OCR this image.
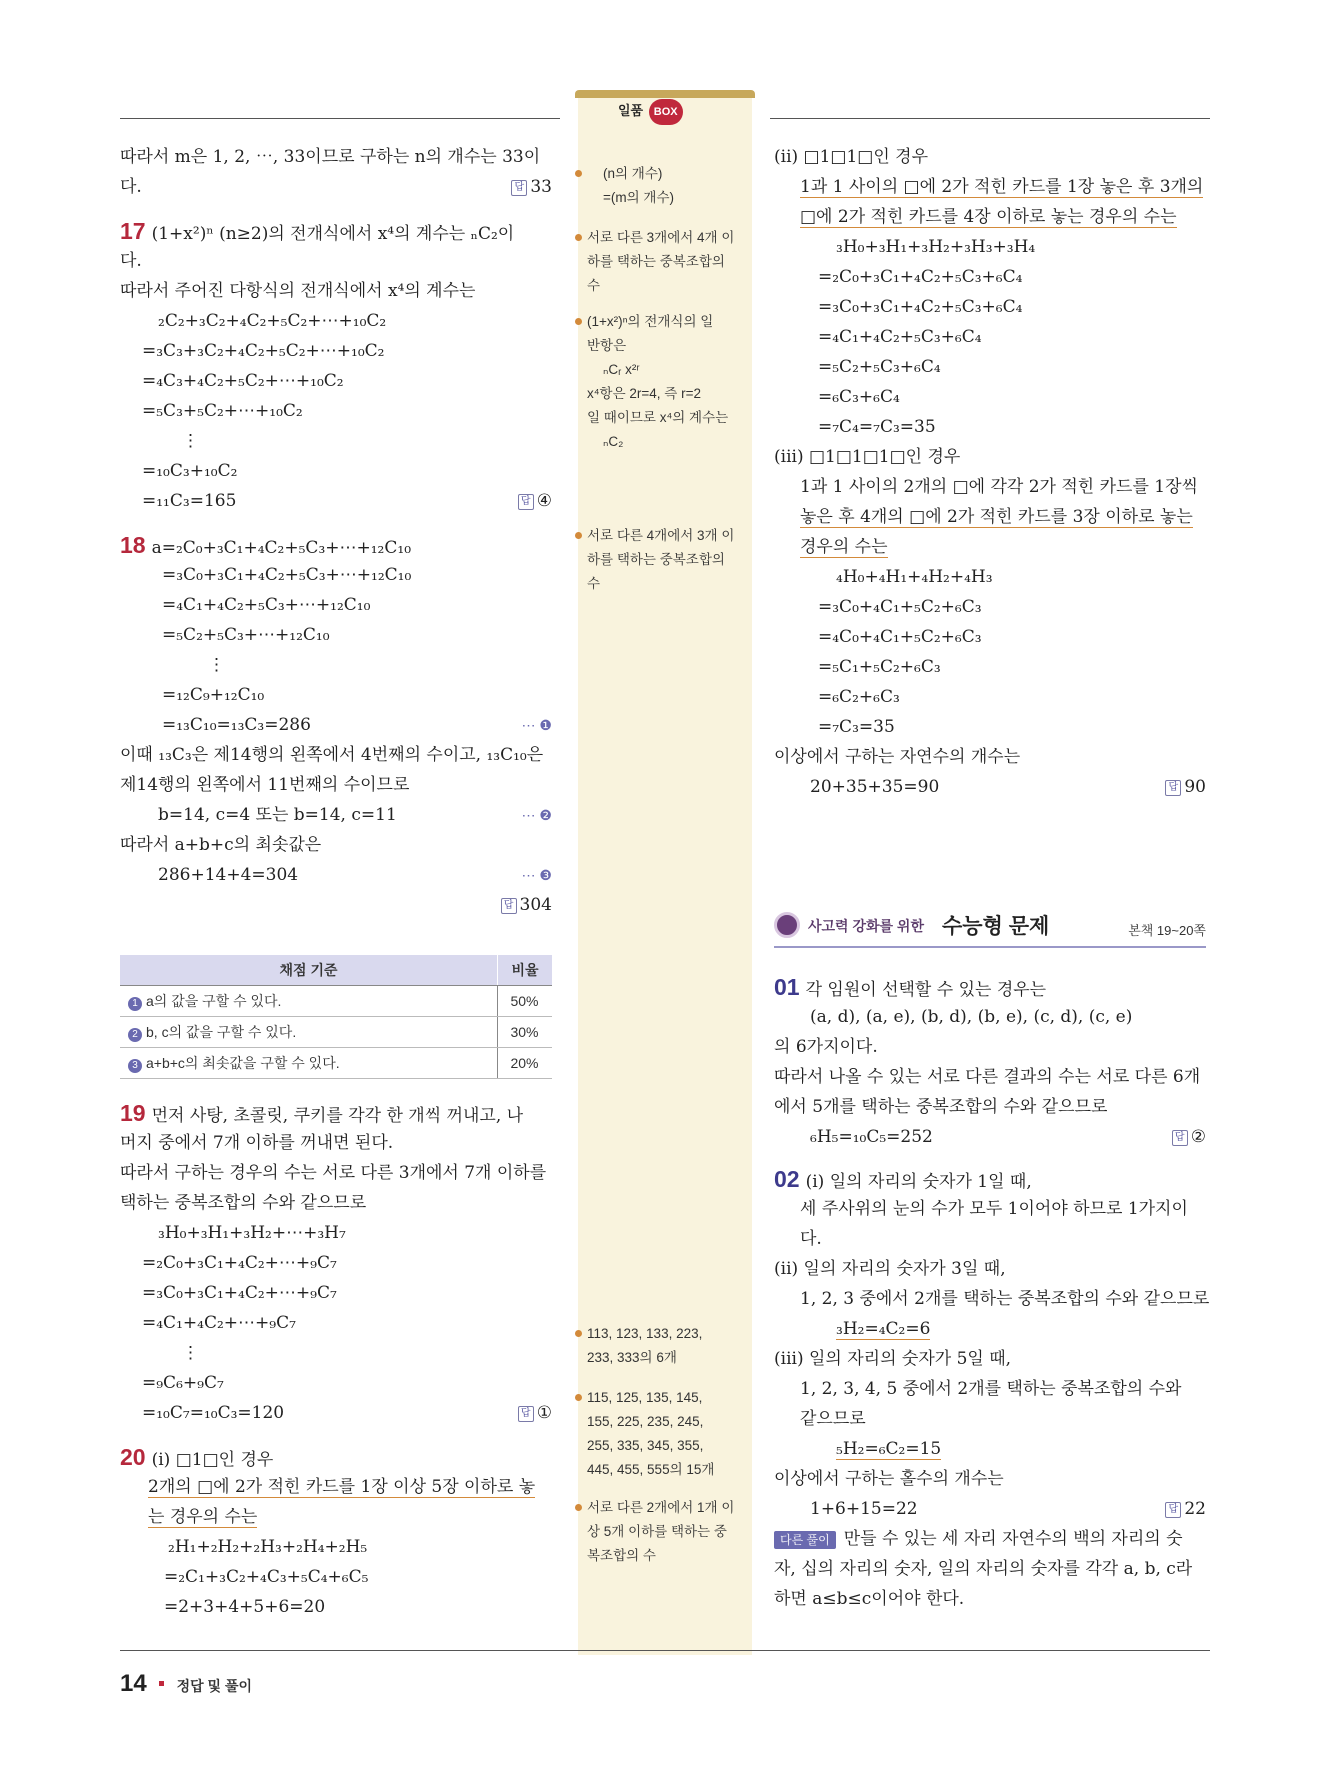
일품 BOX
따라서 m은 1, 2, ⋯, 33이므로 구하는 n의 개수는 33이
다.	답 33
17 (1+x²)ⁿ (n≥2)의 전개식에서 x⁴의 계수는 ₙC₂이
다.
따라서 주어진 다항식의 전개식에서 x⁴의 계수는
₂C₂+₃C₂+₄C₂+₅C₂+⋯+₁₀C₂
=₃C₃+₃C₂+₄C₂+₅C₂+⋯+₁₀C₂
=₄C₃+₄C₂+₅C₂+⋯+₁₀C₂
=₅C₃+₅C₂+⋯+₁₀C₂
⋮
=₁₀C₃+₁₀C₂
=₁₁C₃=165	답 ④
18 a=₂C₀+₃C₁+₄C₂+₅C₃+⋯+₁₂C₁₀
=₃C₀+₃C₁+₄C₂+₅C₃+⋯+₁₂C₁₀
=₄C₁+₄C₂+₅C₃+⋯+₁₂C₁₀
=₅C₂+₅C₃+⋯+₁₂C₁₀
⋮
=₁₂C₉+₁₂C₁₀
=₁₃C₁₀=₁₃C₃=286	⋯ ❶
이때 ₁₃C₃은 제14행의 왼쪽에서 4번째의 수이고, ₁₃C₁₀은
제14행의 왼쪽에서 11번째의 수이므로
b=14, c=4 또는 b=14, c=11	⋯ ❷
따라서 a+b+c의 최솟값은
286+14+4=304	⋯ ❸
답 304
채점 기준	비율
1 a의 값을 구할 수 있다.	50%
2 b, c의 값을 구할 수 있다.	30%
3 a+b+c의 최솟값을 구할 수 있다.	20%
19 먼저 사탕, 초콜릿, 쿠키를 각각 한 개씩 꺼내고, 나
머지 중에서 7개 이하를 꺼내면 된다.
따라서 구하는 경우의 수는 서로 다른 3개에서 7개 이하를
택하는 중복조합의 수와 같으므로
₃H₀+₃H₁+₃H₂+⋯+₃H₇
=₂C₀+₃C₁+₄C₂+⋯+₉C₇
=₃C₀+₃C₁+₄C₂+⋯+₉C₇
=₄C₁+₄C₂+⋯+₉C₇
⋮
=₉C₆+₉C₇
=₁₀C₇=₁₀C₃=120	답 ①
20 (i) □1□인 경우
2개의 □에 2가 적힌 카드를 1장 이상 5장 이하로 놓
는 경우의 수는
₂H₁+₂H₂+₂H₃+₂H₄+₂H₅
=₂C₁+₃C₂+₄C₃+₅C₄+₆C₅
=2+3+4+5+6=20
(n의 개수)
=(m의 개수)
서로 다른 3개에서 4개 이
하를 택하는 중복조합의
수
(1+x²)ⁿ의 전개식의 일
반항은
ₙCᵣ x²ʳ
x⁴항은 2r=4, 즉 r=2
일 때이므로 x⁴의 계수는
ₙC₂
서로 다른 4개에서 3개 이
하를 택하는 중복조합의
수
113, 123, 133, 223,
233, 333의 6개
115, 125, 135, 145,
155, 225, 235, 245,
255, 335, 345, 355,
445, 455, 555의 15개
서로 다른 2개에서 1개 이
상 5개 이하를 택하는 중
복조합의 수
(ii) □1□1□인 경우
1과 1 사이의 □에 2가 적힌 카드를 1장 놓은 후 3개의
□에 2가 적힌 카드를 4장 이하로 놓는 경우의 수는
₃H₀+₃H₁+₃H₂+₃H₃+₃H₄
=₂C₀+₃C₁+₄C₂+₅C₃+₆C₄
=₃C₀+₃C₁+₄C₂+₅C₃+₆C₄
=₄C₁+₄C₂+₅C₃+₆C₄
=₅C₂+₅C₃+₆C₄
=₆C₃+₆C₄
=₇C₄=₇C₃=35
(iii) □1□1□1□인 경우
1과 1 사이의 2개의 □에 각각 2가 적힌 카드를 1장씩
놓은 후 4개의 □에 2가 적힌 카드를 3장 이하로 놓는
경우의 수는
₄H₀+₄H₁+₄H₂+₄H₃
=₃C₀+₄C₁+₅C₂+₆C₃
=₄C₀+₄C₁+₅C₂+₆C₃
=₅C₁+₅C₂+₆C₃
=₆C₂+₆C₃
=₇C₃=35
이상에서 구하는 자연수의 개수는
20+35+35=90	답 90
사고력 강화를 위한 수능형 문제	본책 19~20쪽
01 각 임원이 선택할 수 있는 경우는
(a, d), (a, e), (b, d), (b, e), (c, d), (c, e)
의 6가지이다.
따라서 나올 수 있는 서로 다른 결과의 수는 서로 다른 6개
에서 5개를 택하는 중복조합의 수와 같으므로
₆H₅=₁₀C₅=252	답 ②
02 (i) 일의 자리의 숫자가 1일 때,
세 주사위의 눈의 수가 모두 1이어야 하므로 1가지이
다.
(ii) 일의 자리의 숫자가 3일 때,
1, 2, 3 중에서 2개를 택하는 중복조합의 수와 같으므로
₃H₂=₄C₂=6
(iii) 일의 자리의 숫자가 5일 때,
1, 2, 3, 4, 5 중에서 2개를 택하는 중복조합의 수와
같으므로
₅H₂=₆C₂=15
이상에서 구하는 홀수의 개수는
1+6+15=22	답 22
다른 풀이 만들 수 있는 세 자리 자연수의 백의 자리의 숫
자, 십의 자리의 숫자, 일의 자리의 숫자를 각각 a, b, c라
하면 a≤b≤c이어야 한다.
14 정답 및 풀이
